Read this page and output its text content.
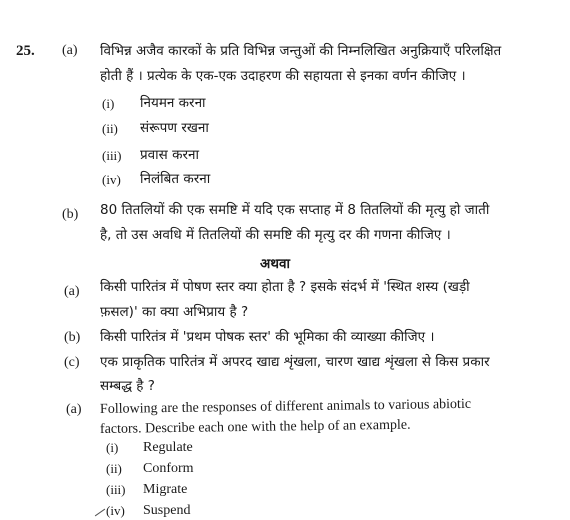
25. (a) विभिन्न अजैव कारकों के प्रति विभिन्न जन्तुओं की निम्नलिखित अनुक्रियाएँ परिलक्षित
होती हैं । प्रत्येक के एक-एक उदाहरण की सहायता से इनका वर्णन कीजिए ।
(i) नियमन करना
(ii) संरूपण रखना
(iii) प्रवास करना
(iv) निलंबित करना
(b) 80 तितलियों की एक समष्टि में यदि एक सप्ताह में 8 तितलियों की मृत्यु हो जाती
है, तो उस अवधि में तितलियों की समष्टि की मृत्यु दर की गणना कीजिए ।
अथवा
(a) किसी पारितंत्र में पोषण स्तर क्या होता है ? इसके संदर्भ में 'स्थित शस्य (खड़ी
फ़सल)' का क्या अभिप्राय है ?
(b) किसी पारितंत्र में 'प्रथम पोषक स्तर' की भूमिका की व्याख्या कीजिए ।
(c) एक प्राकृतिक पारितंत्र में अपरद खाद्य शृंखला, चारण खाद्य शृंखला से किस प्रकार
सम्बद्ध है ?
(a) Following are the responses of different animals to various abiotic
factors. Describe each one with the help of an example.
(i) Regulate
(ii) Conform
(iii) Migrate
(iv) Suspend
